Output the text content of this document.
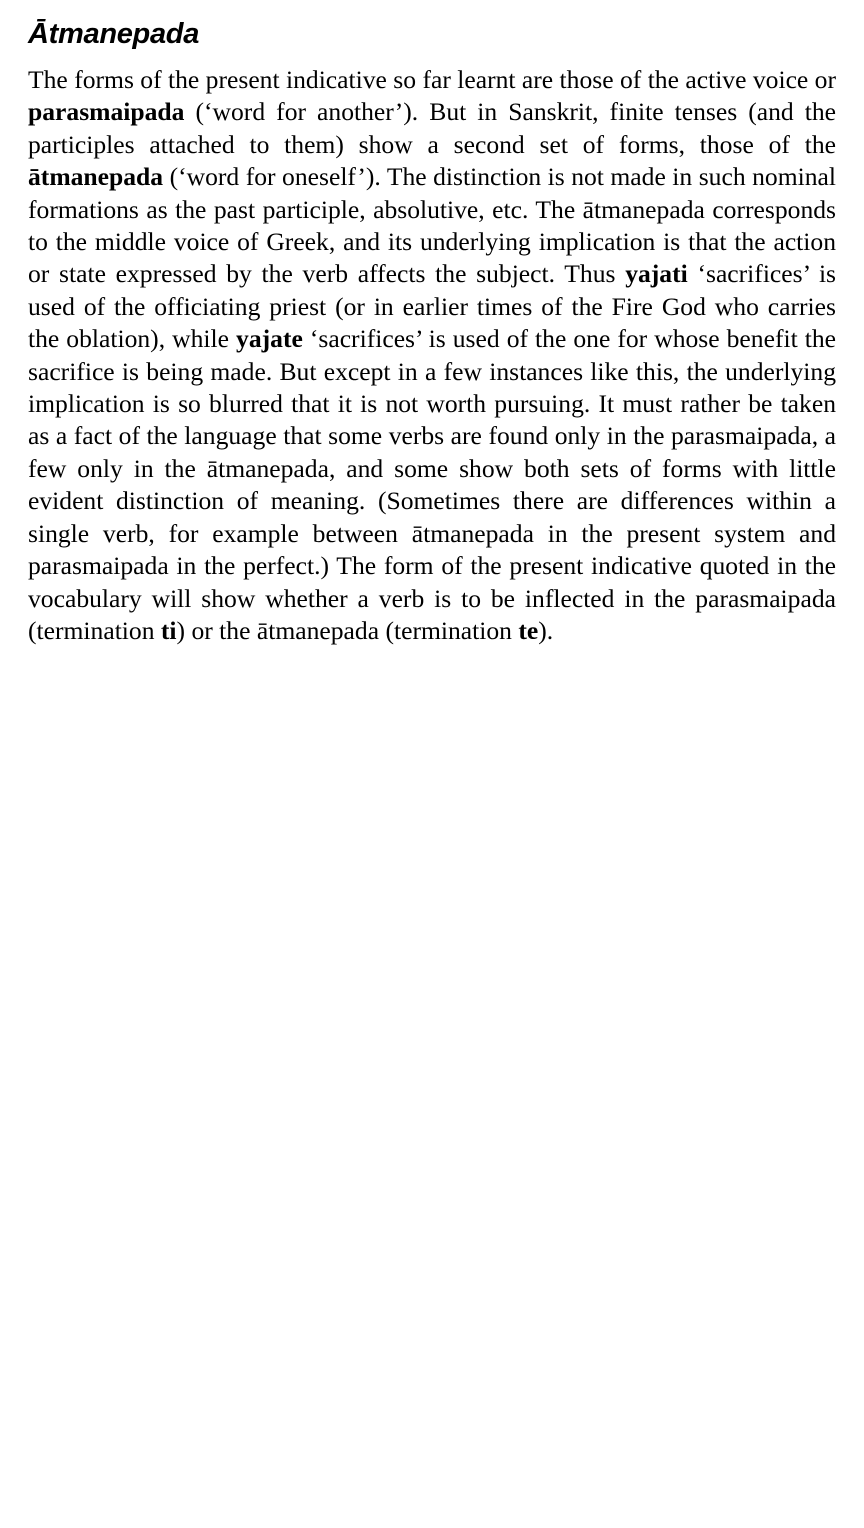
Ātmanepada

The forms of the present indicative so far learnt are those of the active voice or parasmaipada (‘word for another’). But in Sanskrit, finite tenses (and the participles attached to them) show a second set of forms, those of the ātmanepada (‘word for oneself’). The distinction is not made in such nominal formations as the past participle, absolutive, etc. The ātmanepada corresponds to the middle voice of Greek, and its underlying implication is that the action or state expressed by the verb affects the subject. Thus yajati ‘sacrifices’ is used of the officiating priest (or in earlier times of the Fire God who carries the oblation), while yajate ‘sacrifices’ is used of the one for whose benefit the sacrifice is being made. But except in a few instances like this, the underlying implication is so blurred that it is not worth pursuing. It must rather be taken as a fact of the language that some verbs are found only in the parasmaipada, a few only in the ātmanepada, and some show both sets of forms with little evident distinction of meaning. (Sometimes there are differences within a single verb, for example between ātmanepada in the present system and parasmaipada in the perfect.) The form of the present indicative quoted in the vocabulary will show whether a verb is to be inflected in the parasmaipada (termination ti) or the ātmanepada (termination te).
